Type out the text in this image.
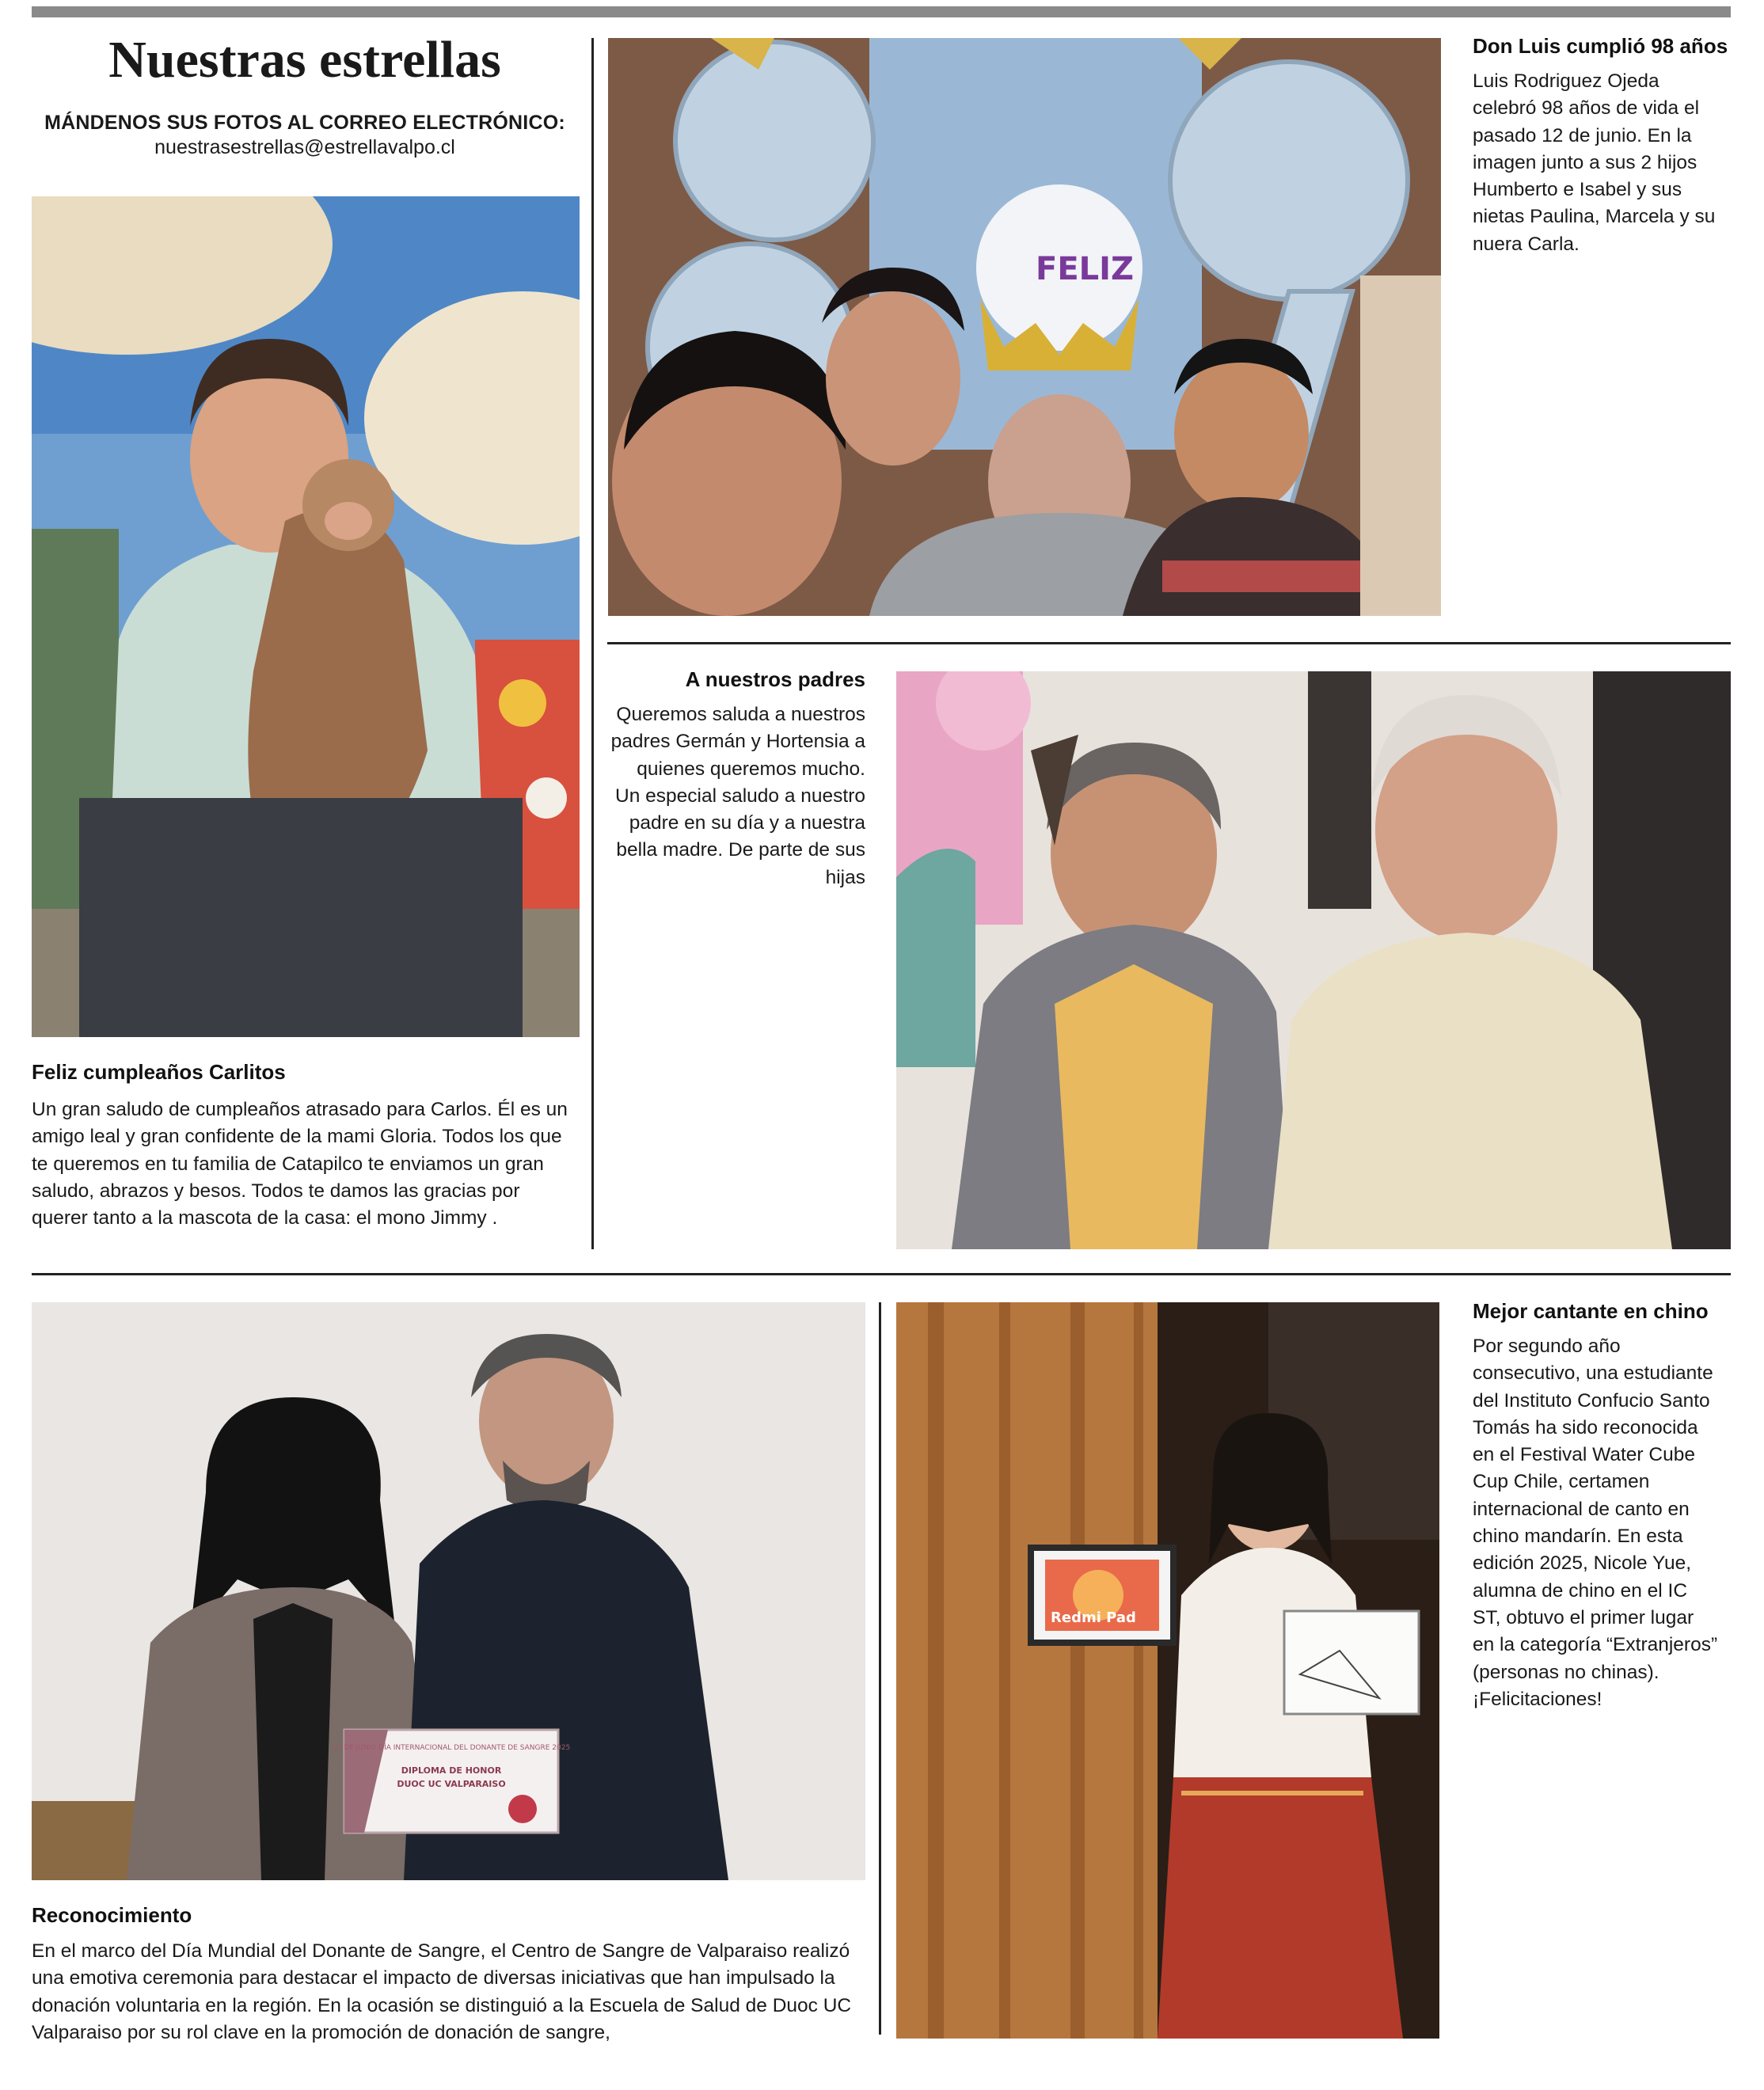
Nuestras estrellas
MÁNDENOS SUS FOTOS AL CORREO ELECTRÓNICO:
nuestrasestrellas@estrellavalpo.cl
Feliz cumpleaños Carlitos
Un gran saludo de cumpleaños atrasado para Carlos. Él es un amigo leal y gran confidente de la mami Gloria. Todos los que te queremos en tu familia de Catapilco te enviamos un gran saludo, abrazos y besos. Todos te damos las gracias por querer tanto a la mascota de la casa: el mono Jimmy .
FELIZ
Don Luis cumplió 98 años
Luis Rodriguez Ojeda celebró 98 años de vida el pasado 12 de junio. En la imagen junto a sus 2 hijos Humberto e Isabel y sus nietas Paulina, Marcela y su nuera Carla.
A nuestros padres
Queremos saluda a nuestros padres Germán y Hortensia a quienes queremos mucho. Un especial saludo a nuestro padre en su día y a nuestra bella madre. De parte de sus hijas
14 DE JUNIO DÍA INTERNACIONAL DEL DONANTE DE SANGRE 2025
DIPLOMA DE HONOR
DUOC UC VALPARAISO
Reconocimiento
En el marco del Día Mundial del Donante de Sangre, el Centro de Sangre de Valparaiso realizó una emotiva ceremonia para destacar el impacto de diversas iniciativas que han impulsado la donación voluntaria en la región. En la ocasión se distinguió a la Escuela de Salud de Duoc UC Valparaiso por su rol clave en la promoción de donación de sangre,
Redmi Pad
Mejor cantante en chino
Por segundo año consecutivo, una estudiante del Instituto Confucio Santo Tomás ha sido reconocida en el Festival Water Cube Cup Chile, certamen internacional de canto en chino mandarín. En esta edición 2025, Nicole Yue, alumna de chino en el IC ST, obtuvo el primer lugar en la categoría “Extranjeros” (personas no chinas).¡Felicitaciones!
